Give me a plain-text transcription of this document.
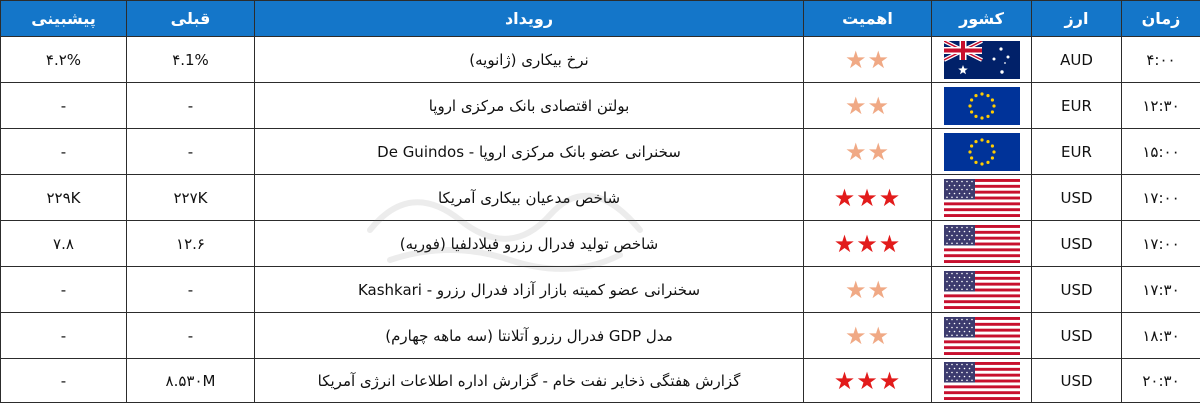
زمان	ارز	کشور	اهمیت	رویداد	قبلی	پیشبینی
۴:۰۰	AUD		★★	نرخ بیکاری (ژانویه)	۴.1%	۴.۲%
۱۲:۳۰	EUR		★★	بولتن اقتصادی بانک مرکزی اروپا	-	-
۱۵:۰۰	EUR		★★	سخنرانی عضو بانک مرکزی اروپا - De Guindos	-	-
۱۷:۰۰	USD		★★★	شاخص مدعیان بیکاری آمریکا	۲۲۷K	۲۲۹K
۱۷:۰۰	USD		★★★	شاخص تولید فدرال رزرو فیلادلفیا (فوریه)	۱۲.۶	۷.۸
۱۷:۳۰	USD		★★	سخنرانی عضو کمیته بازار آزاد فدرال رزرو - Kashkari	-	-
۱۸:۳۰	USD		★★	مدل GDP فدرال رزرو آتلانتا (سه ماهه چهارم)	-	-
۲۰:۳۰	USD		★★★	گزارش هفتگی ذخایر نفت خام - گزارش اداره اطلاعات انرژی آمریکا	۸.۵۳۰M	-
